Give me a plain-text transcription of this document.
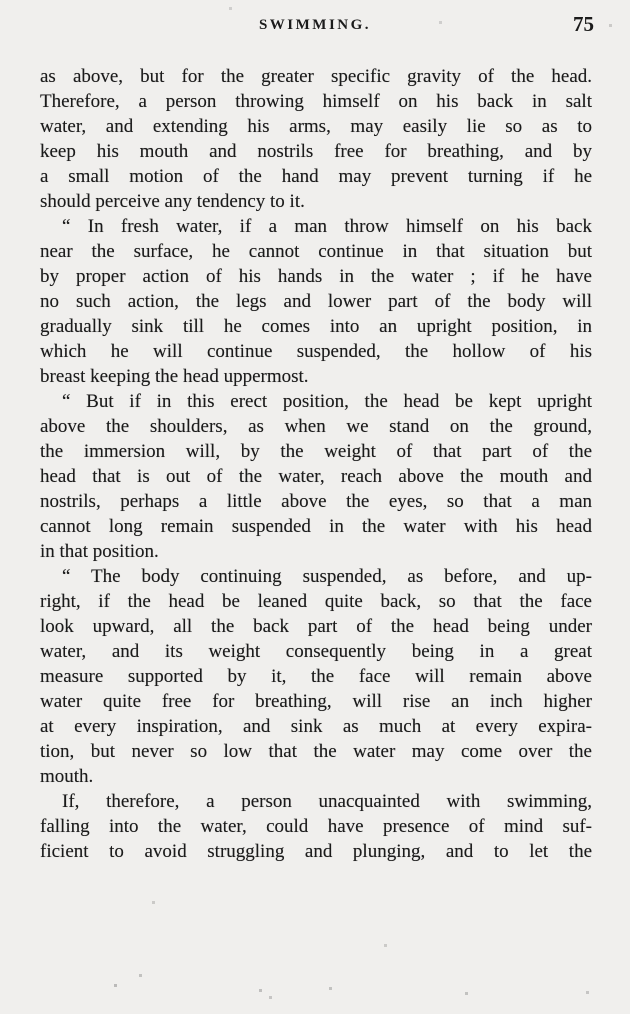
SWIMMING.	75
as above, but for the greater specific gravity of the head.
Therefore, a person throwing himself on his back in salt
water, and extending his arms, may easily lie so as to
keep his mouth and nostrils free for breathing, and by
a small motion of the hand may prevent turning if he
should perceive any tendency to it.
“ In fresh water, if a man throw himself on his back
near the surface, he cannot continue in that situation but
by proper action of his hands in the water ; if he have
no such action, the legs and lower part of the body will
gradually sink till he comes into an upright position, in
which he will continue suspended, the hollow of his
breast keeping the head uppermost.
“ But if in this erect position, the head be kept upright
above the shoulders, as when we stand on the ground,
the immersion will, by the weight of that part of the
head that is out of the water, reach above the mouth and
nostrils, perhaps a little above the eyes, so that a man
cannot long remain suspended in the water with his head
in that position.
“ The body continuing suspended, as before, and up-
right, if the head be leaned quite back, so that the face
look upward, all the back part of the head being under
water, and its weight consequently being in a great
measure supported by it, the face will remain above
water quite free for breathing, will rise an inch higher
at every inspiration, and sink as much at every expira-
tion, but never so low that the water may come over the
mouth.
If, therefore, a person unacquainted with swimming,
falling into the water, could have presence of mind suf-
ficient to avoid struggling and plunging, and to let the
